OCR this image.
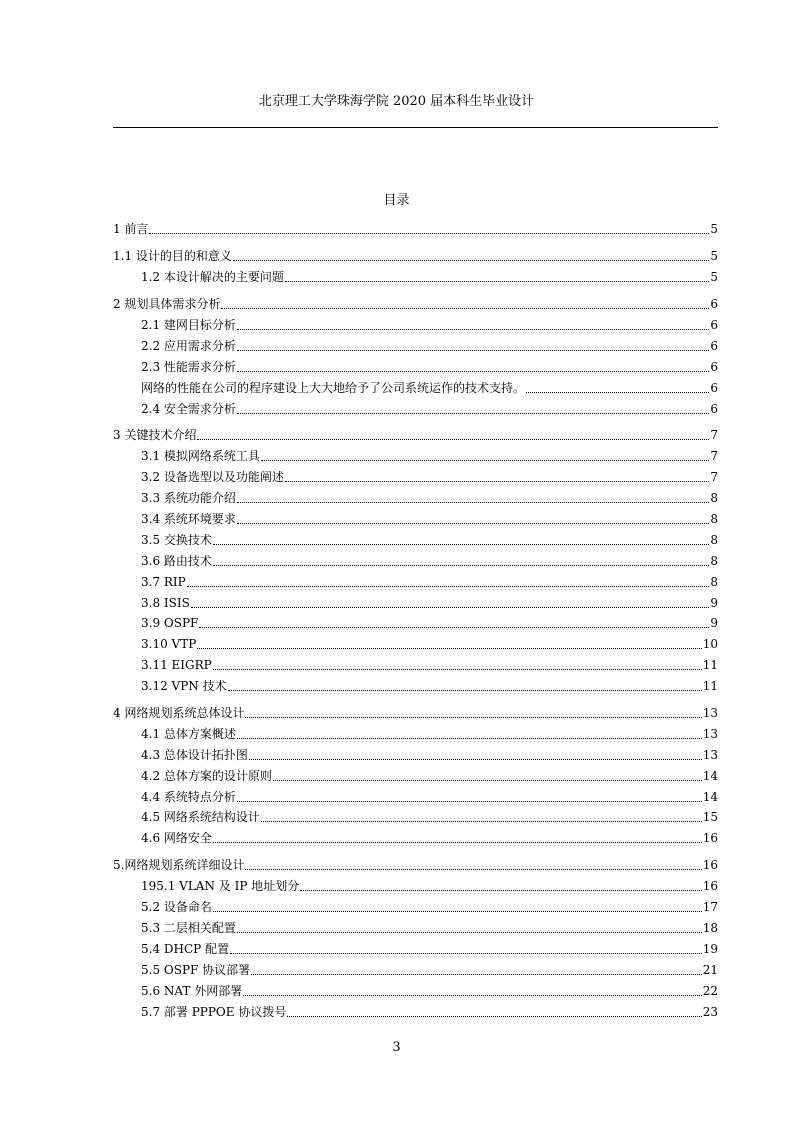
北京理工大学珠海学院 2020 届本科生毕业设计
目录
1 前言	5
1.1 设计的目的和意义	5
1.2 本设计解决的主要问题	5
2 规划具体需求分析	6
2.1 建网目标分析	6
2.2 应用需求分析	6
2.3 性能需求分析	6
网络的性能在公司的程序建设上大大地给予了公司系统运作的技术支持。	6
2.4 安全需求分析	6
3 关键技术介绍	7
3.1 模拟网络系统工具	7
3.2 设备选型以及功能阐述	7
3.3 系统功能介绍	8
3.4 系统环境要求	8
3.5 交换技术	8
3.6 路由技术	8
3.7 RIP	8
3.8 ISIS	9
3.9 OSPF	9
3.10 VTP	10
3.11 EIGRP	11
3.12 VPN 技术	11
4 网络规划系统总体设计	13
4.1 总体方案概述	13
4.3 总体设计拓扑图	13
4.2 总体方案的设计原则	14
4.4 系统特点分析	14
4.5 网络系统结构设计	15
4.6 网络安全	16
5.网络规划系统详细设计	16
195.1 VLAN 及 IP 地址划分	16
5.2 设备命名	17
5.3 二层相关配置	18
5.4 DHCP 配置	19
5.5 OSPF 协议部署	21
5.6 NAT 外网部署	22
5.7 部署 PPPOE 协议拨号	23
3
